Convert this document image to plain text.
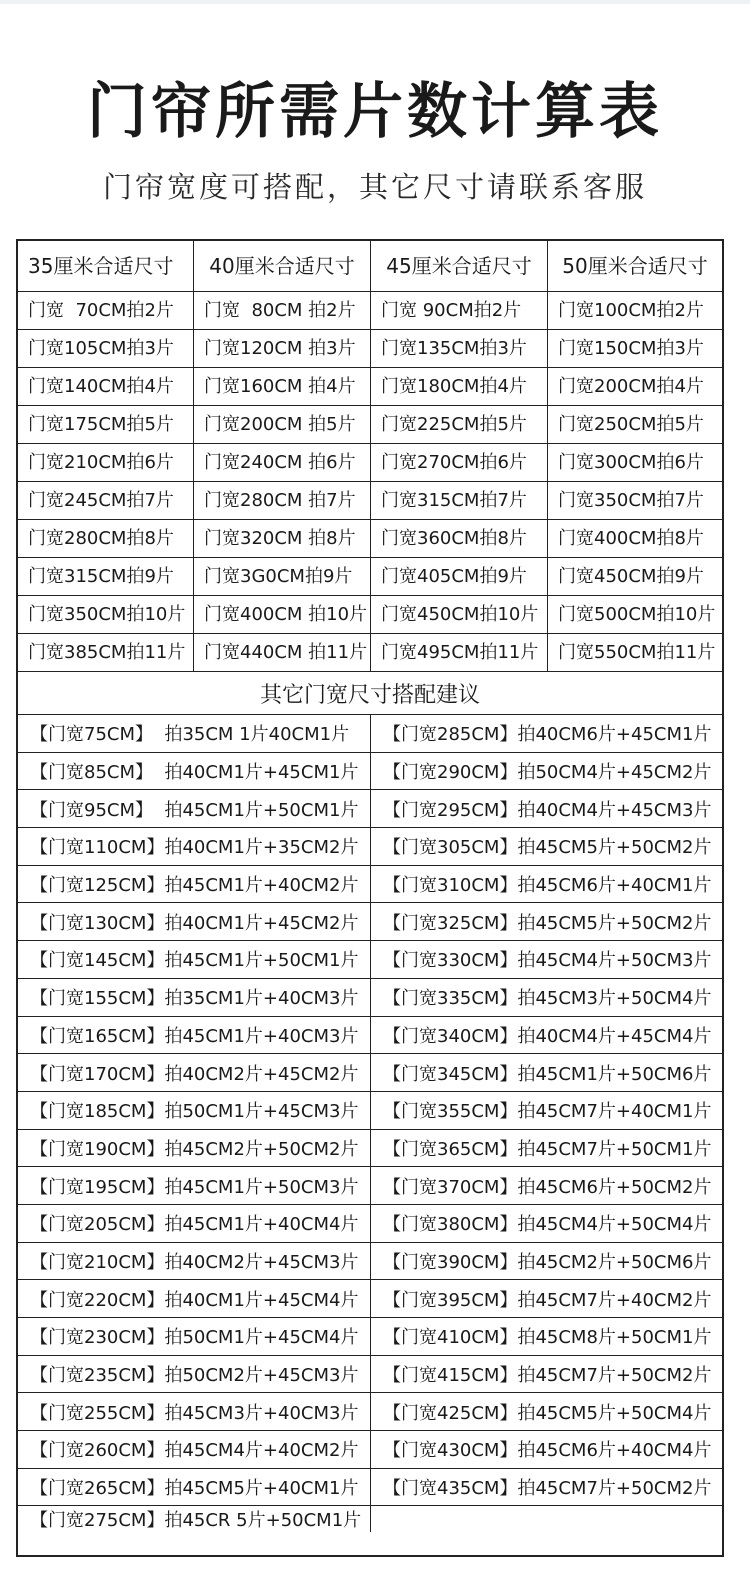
门帘所需片数计算表
门帘宽度可搭配，其它尺寸请联系客服
35厘米合适尺寸	40厘米合适尺寸	45厘米合适尺寸	50厘米合适尺寸
门宽  70CM拍2片	门宽  80CM 拍2片	门宽 90CM拍2片	门宽100CM拍2片
门宽105CM拍3片	门宽120CM 拍3片	门宽135CM拍3片	门宽150CM拍3片
门宽140CM拍4片	门宽160CM 拍4片	门宽180CM拍4片	门宽200CM拍4片
门宽175CM拍5片	门宽200CM 拍5片	门宽225CM拍5片	门宽250CM拍5片
门宽210CM拍6片	门宽240CM 拍6片	门宽270CM拍6片	门宽300CM拍6片
门宽245CM拍7片	门宽280CM 拍7片	门宽315CM拍7片	门宽350CM拍7片
门宽280CM拍8片	门宽320CM 拍8片	门宽360CM拍8片	门宽400CM拍8片
门宽315CM拍9片	门宽3G0CM拍9片	门宽405CM拍9片	门宽450CM拍9片
门宽350CM拍10片	门宽400CM 拍10片 门宽450CM拍10片	门宽500CM拍10片
门宽385CM拍11片	门宽440CM 拍11片 门宽495CM拍11片	门宽550CM拍11片
其它门宽尺寸搭配建议
【门宽75CM】  拍35CM 1片40CM1片	【门宽285CM】拍40CM6片+45CM1片
【门宽85CM】  拍40CM1片+45CM1片	【门宽290CM】拍50CM4片+45CM2片
【门宽95CM】  拍45CM1片+50CM1片	【门宽295CM】拍40CM4片+45CM3片
【门宽110CM】拍40CM1片+35CM2片	【门宽305CM】拍45CM5片+50CM2片
【门宽125CM】拍45CM1片+40CM2片	【门宽310CM】拍45CM6片+40CM1片
【门宽130CM】拍40CM1片+45CM2片	【门宽325CM】拍45CM5片+50CM2片
【门宽145CM】拍45CM1片+50CM1片	【门宽330CM】拍45CM4片+50CM3片
【门宽155CM】拍35CM1片+40CM3片	【门宽335CM】拍45CM3片+50CM4片
【门宽165CM】拍45CM1片+40CM3片	【门宽340CM】拍40CM4片+45CM4片
【门宽170CM】拍40CM2片+45CM2片	【门宽345CM】拍45CM1片+50CM6片
【门宽185CM】拍50CM1片+45CM3片	【门宽355CM】拍45CM7片+40CM1片
【门宽190CM】拍45CM2片+50CM2片	【门宽365CM】拍45CM7片+50CM1片
【门宽195CM】拍45CM1片+50CM3片	【门宽370CM】拍45CM6片+50CM2片
【门宽205CM】拍45CM1片+40CM4片	【门宽380CM】拍45CM4片+50CM4片
【门宽210CM】拍40CM2片+45CM3片	【门宽390CM】拍45CM2片+50CM6片
【门宽220CM】拍40CM1片+45CM4片	【门宽395CM】拍45CM7片+40CM2片
【门宽230CM】拍50CM1片+45CM4片	【门宽410CM】拍45CM8片+50CM1片
【门宽235CM】拍50CM2片+45CM3片	【门宽415CM】拍45CM7片+50CM2片
【门宽255CM】拍45CM3片+40CM3片	【门宽425CM】拍45CM5片+50CM4片
【门宽260CM】拍45CM4片+40CM2片	【门宽430CM】拍45CM6片+40CM4片
【门宽265CM】拍45CM5片+40CM1片	【门宽435CM】拍45CM7片+50CM2片
【门宽275CM】拍45CR 5片+50CM1片
